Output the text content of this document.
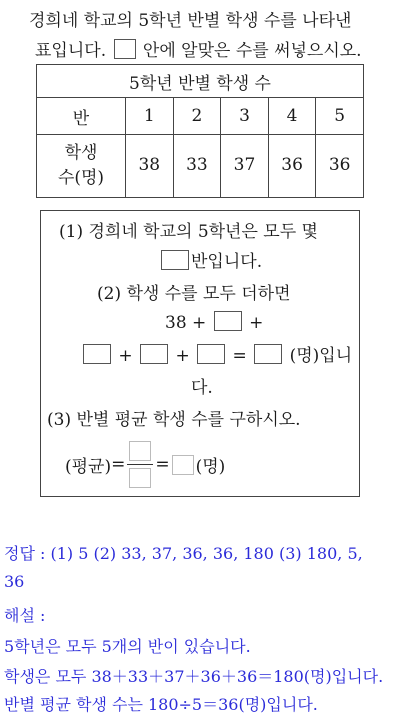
경희네 학교의 5학년 반별 학생 수를 나타낸
표입니다. 안에 알맞은 수를 써넣으시오.
5학년 반별 학생 수					
반	1	2	3	4	5
학생
수(명)	38	33	37	36	36
(1) 경희네 학교의 5학년은 모두 몇
반입니다.
(2) 학생 수를 모두 더하면
38 +	+
+	+	=	(명)입니
다.
(3) 반별 평균 학생 수를 구하시오.
(평균)= = (명)
정답 : (1) 5 (2) 33, 37, 36, 36, 180 (3) 180, 5,
36
해설 :
5학년은 모두 5개의 반이 있습니다.
학생은 모두 38＋33＋37＋36＋36＝180(명)입니다.
반별 평균 학생 수는 180÷5＝36(명)입니다.
